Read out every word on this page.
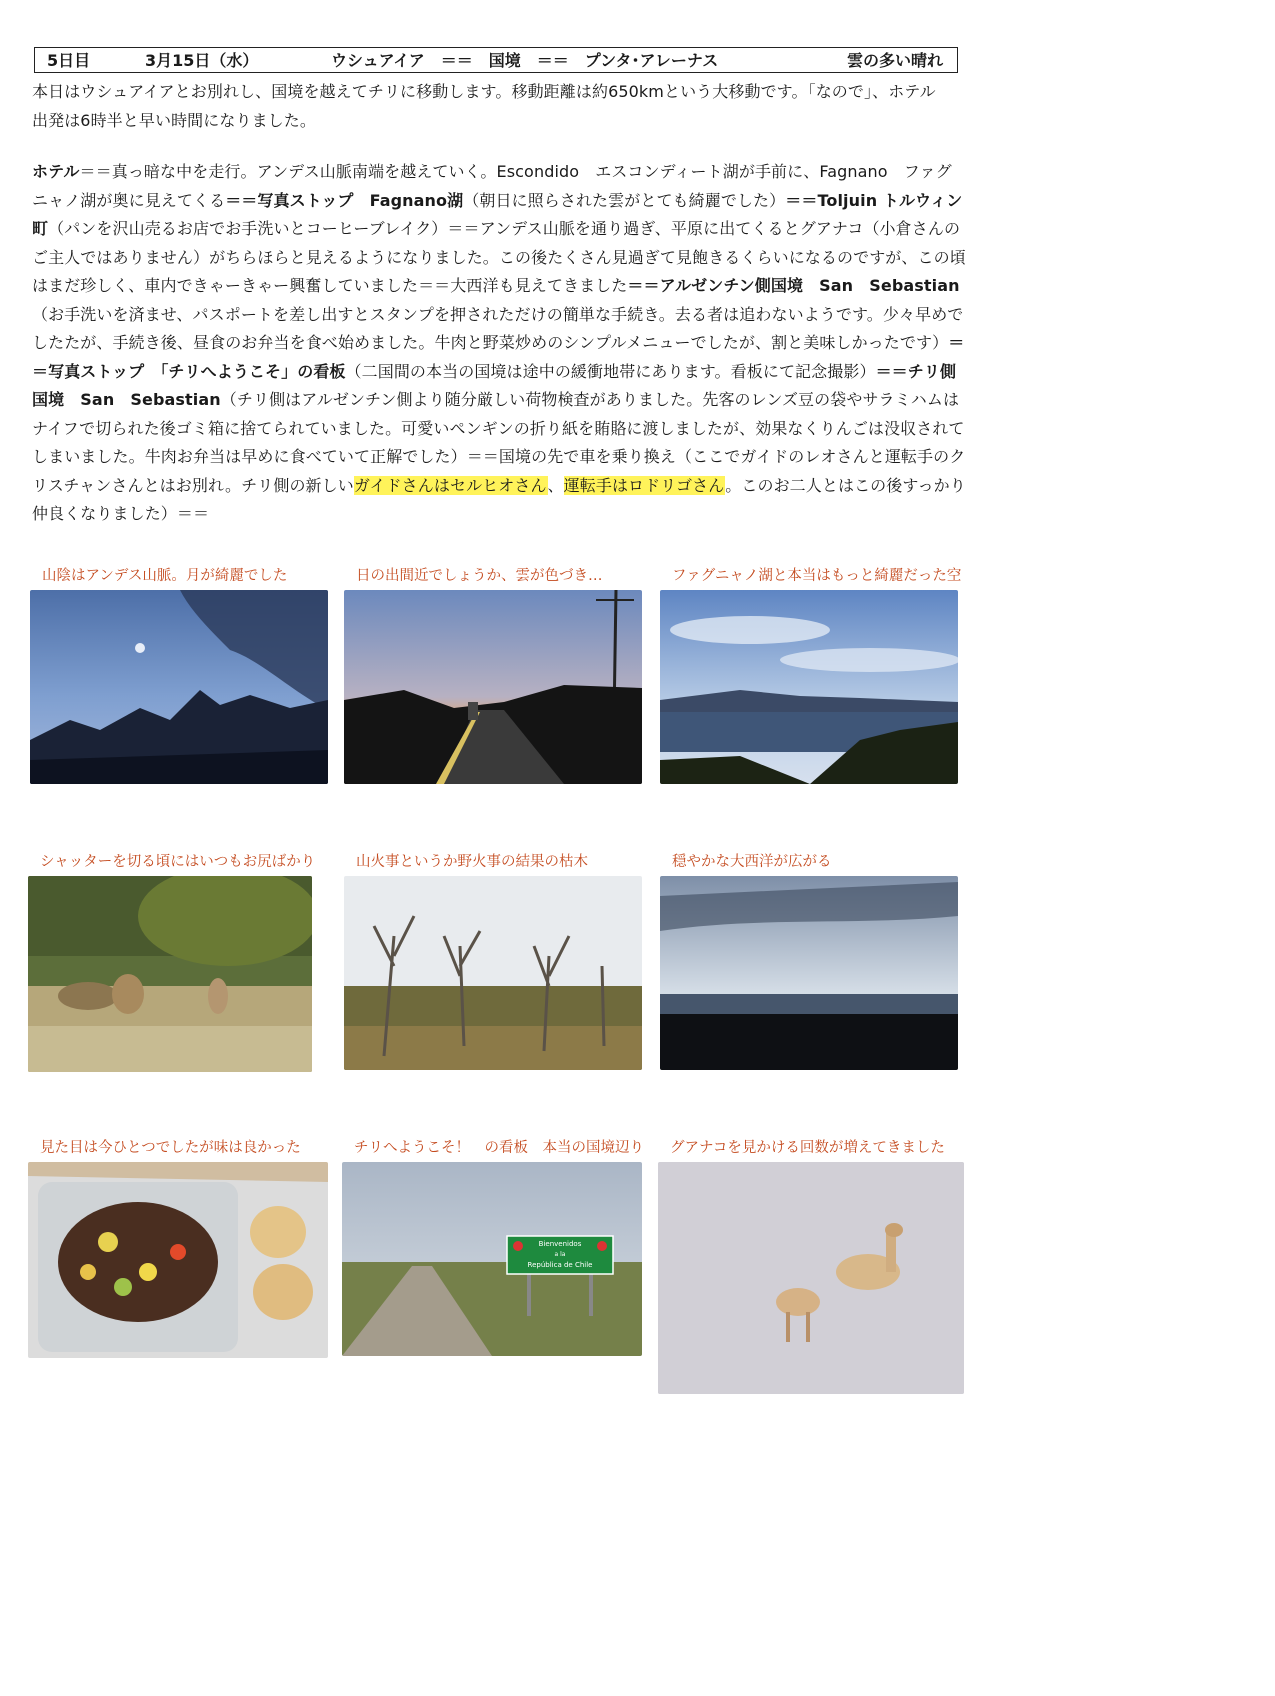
5日目	3月15日（水）	ウシュアイア　＝＝　国境　＝＝　プンタ･アレーナス	雲の多い晴れ
本日はウシュアイアとお別れし、国境を越えてチリに移動します。移動距離は約650kmという大移動です。「なので」、ホテル
出発は6時半と早い時間になりました。
ホテル＝＝真っ暗な中を走行。アンデス山脈南端を越えていく。Escondido　エスコンディート湖が手前に、Fagnano　ファグニャノ湖が奥に見えてくる＝＝写真ストップ　Fagnano湖（朝日に照らされた雲がとても綺麗でした）＝＝Toljuin トルウィン町（パンを沢山売るお店でお手洗いとコーヒーブレイク）＝＝アンデス山脈を通り過ぎ、平原に出てくるとグアナコ（小倉さんのご主人ではありません）がちらほらと見えるようになりました。この後たくさん見過ぎて見飽きるくらいになるのですが、この頃はまだ珍しく、車内できゃーきゃー興奮していました＝＝大西洋も見えてきました＝＝アルゼンチン側国境　San　Sebastian（お手洗いを済ませ、パスポートを差し出すとスタンプを押されただけの簡単な手続き。去る者は追わないようです。少々早めでしたたが、手続き後、昼食のお弁当を食べ始めました。牛肉と野菜炒めのシンプルメニューでしたが、割と美味しかったです）＝＝写真ストップ　「チリへようこそ」の看板（二国間の本当の国境は途中の緩衝地帯にあります。看板にて記念撮影）＝＝チリ側国境　San　Sebastian（チリ側はアルゼンチン側より随分厳しい荷物検査がありました。先客のレンズ豆の袋やサラミハムはナイフで切られた後ゴミ箱に捨てられていました。可愛いペンギンの折り紙を賄賂に渡しましたが、効果なくりんごは没収されてしまいました。牛肉お弁当は早めに食べていて正解でした）＝＝国境の先で車を乗り換え（ここでガイドのレオさんと運転手のクリスチャンさんとはお別れ。チリ側の新しいガイドさんはセルヒオさん、運転手はロドリゴさん。このお二人とはこの後すっかり仲良くなりました）＝＝
山陰はアンデス山脈。月が綺麗でした	日の出間近でしょうか、雲が色づき…	ファグニャノ湖と本当はもっと綺麗だった空
シャッターを切る頃にはいつもお尻ばかり	山火事というか野火事の結果の枯木	穏やかな大西洋が広がる
見た目は今ひとつでしたが味は良かった	チリへようこそ！　の看板　本当の国境辺り
Bienvenidos
a la
República de Chile
グアナコを見かける回数が増えてきました
